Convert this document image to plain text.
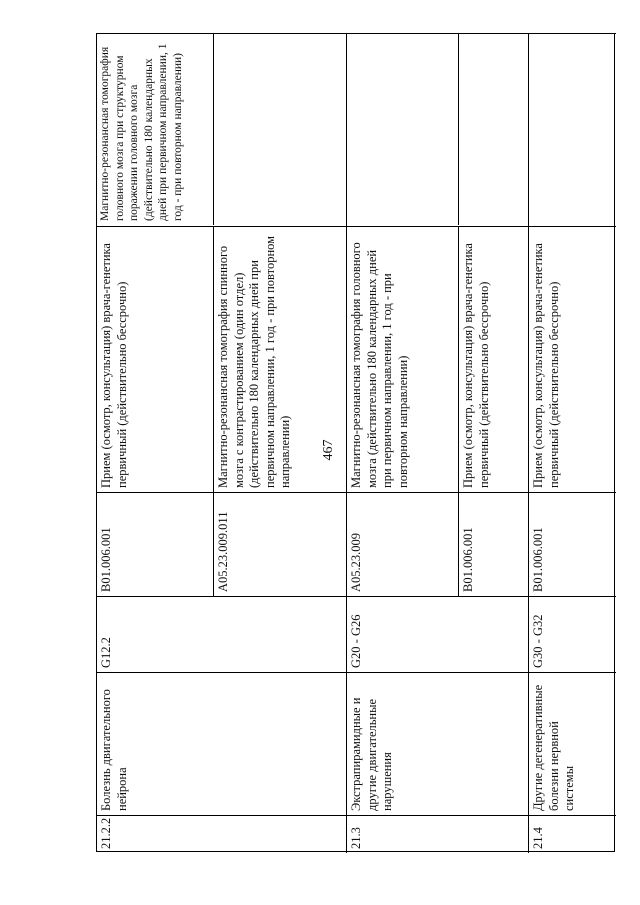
467
21.2.2
Болезнь двигательного нейрона
G12.2
B01.006.001
Прием (осмотр, консультация) врача-генетика первичный (действительно бессрочно)
A05.23.009.011
Магнитно-резонансная томография спинного мозга с контрастированием (один отдел) (действительно 180 календарных дней при первичном направлении, 1 год - при повторном направлении)
21.3
Экстрапирамидные и другие двигательные нарушения
G20 - G26
A05.23.009
Магнитно-резонансная томография головного мозга (действительно 180 календарных дней при первичном направлении, 1 год - при повторном направлении)
B01.006.001
Прием (осмотр, консультация) врача-генетика первичный (действительно бессрочно)
21.4
Другие дегенеративные болезни нервной системы
G30 - G32
B01.006.001
Прием (осмотр, консультация) врача-генетика первичный (действительно бессрочно)
Магнитно-резонансная томография головного мозга при структурном поражении головного мозга (действительно 180 календарных дней при первичном направлении, 1 год - при повторном направлении)
